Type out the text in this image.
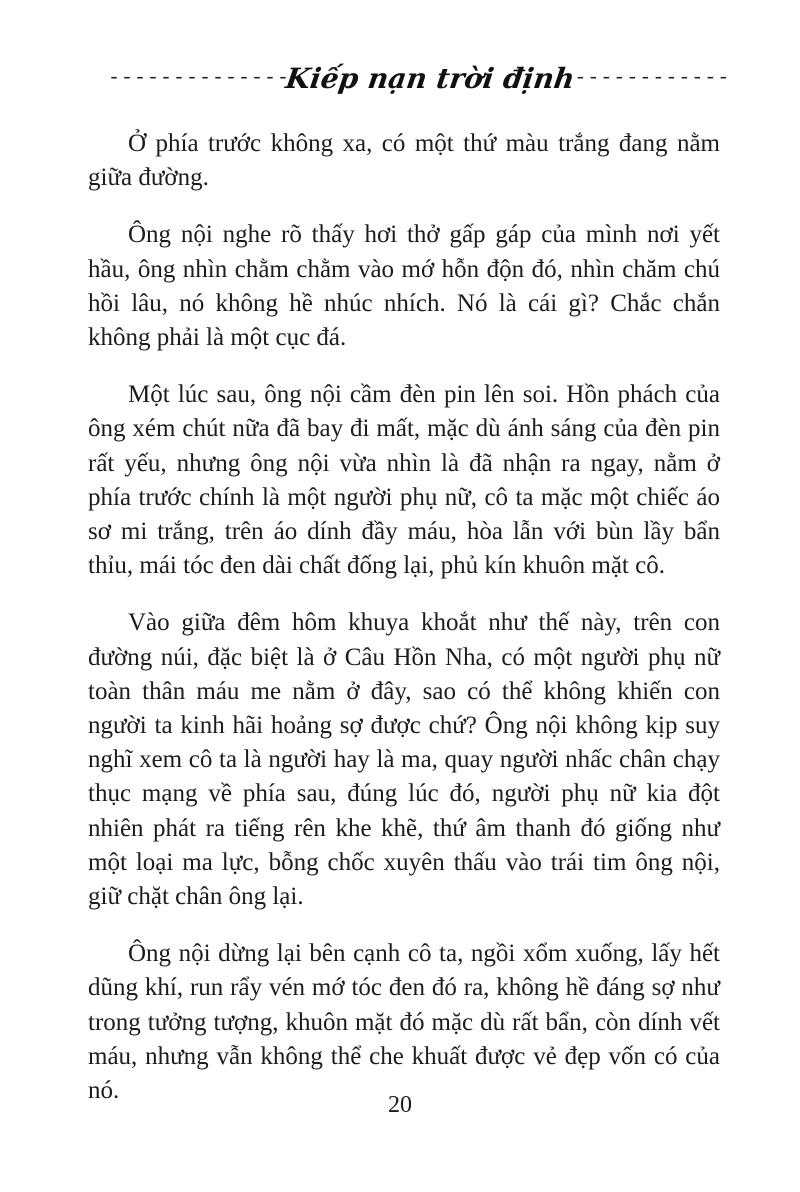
---------------
Kiếp nạn trời định
------------

Ở phía trước không xa, có một thứ màu trắng đang nằm giữa đường.

Ông nội nghe rõ thấy hơi thở gấp gáp của mình nơi yết hầu, ông nhìn chằm chằm vào mớ hỗn độn đó, nhìn chăm chú hồi lâu, nó không hề nhúc nhích. Nó là cái gì? Chắc chắn không phải là một cục đá.

Một lúc sau, ông nội cầm đèn pin lên soi. Hồn phách của ông xém chút nữa đã bay đi mất, mặc dù ánh sáng của đèn pin rất yếu, nhưng ông nội vừa nhìn là đã nhận ra ngay, nằm ở phía trước chính là một người phụ nữ, cô ta mặc một chiếc áo sơ mi trắng, trên áo dính đầy máu, hòa lẫn với bùn lầy bẩn thỉu, mái tóc đen dài chất đống lại, phủ kín khuôn mặt cô.

Vào giữa đêm hôm khuya khoắt như thế này, trên con đường núi, đặc biệt là ở Câu Hồn Nha, có một người phụ nữ toàn thân máu me nằm ở đây, sao có thể không khiến con người ta kinh hãi hoảng sợ được chứ? Ông nội không kịp suy nghĩ xem cô ta là người hay là ma, quay người nhấc chân chạy thục mạng về phía sau, đúng lúc đó, người phụ nữ kia đột nhiên phát ra tiếng rên khe khẽ, thứ âm thanh đó giống như một loại ma lực, bỗng chốc xuyên thấu vào trái tim ông nội, giữ chặt chân ông lại.

Ông nội dừng lại bên cạnh cô ta, ngồi xổm xuống, lấy hết dũng khí, run rẩy vén mớ tóc đen đó ra, không hề đáng sợ như trong tưởng tượng, khuôn mặt đó mặc dù rất bẩn, còn dính vết máu, nhưng vẫn không thể che khuất được vẻ đẹp vốn có của nó.

20
